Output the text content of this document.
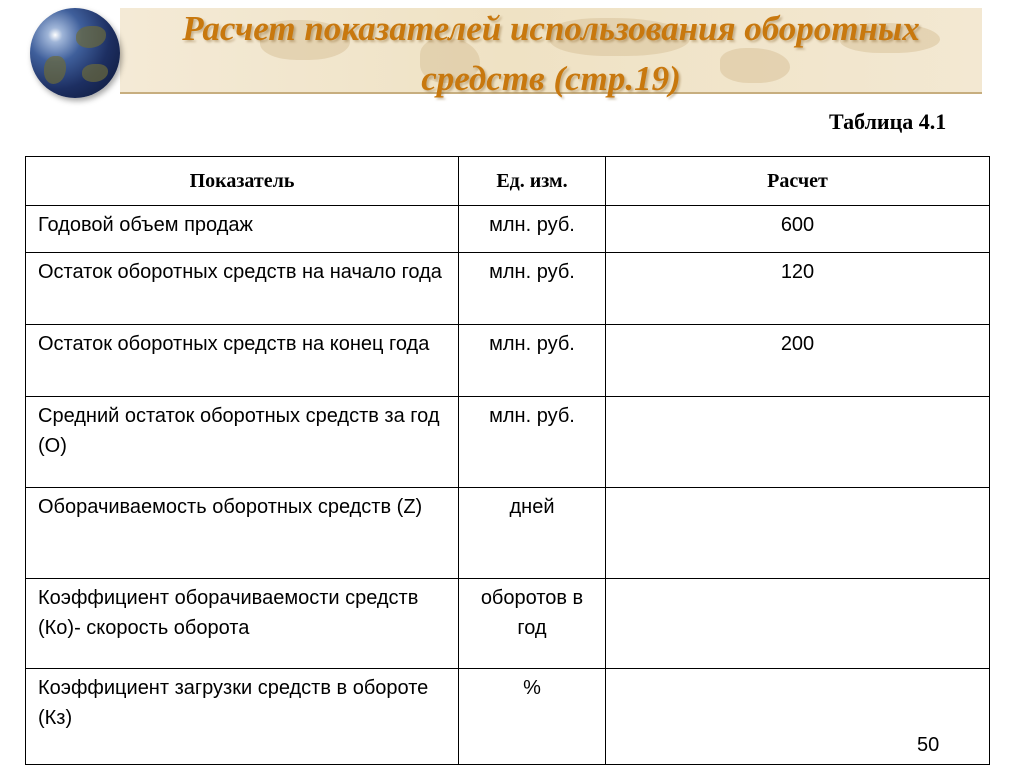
Расчет показателей использования оборотных средств (стр.19)
Таблица 4.1
Показатель	Ед. изм.	Расчет
Годовой объем продаж	млн. руб.	600
Остаток оборотных средств на начало года	млн. руб.	120
Остаток оборотных средств на конец года	млн. руб.	200
Средний остаток оборотных средств за год (О)	млн. руб.	
Оборачиваемость оборотных средств (Z)	дней	
Коэффициент оборачиваемости средств (Ко)- скорость оборота	оборотов в год	
Коэффициент загрузки средств в обороте (Кз)	%	
50
